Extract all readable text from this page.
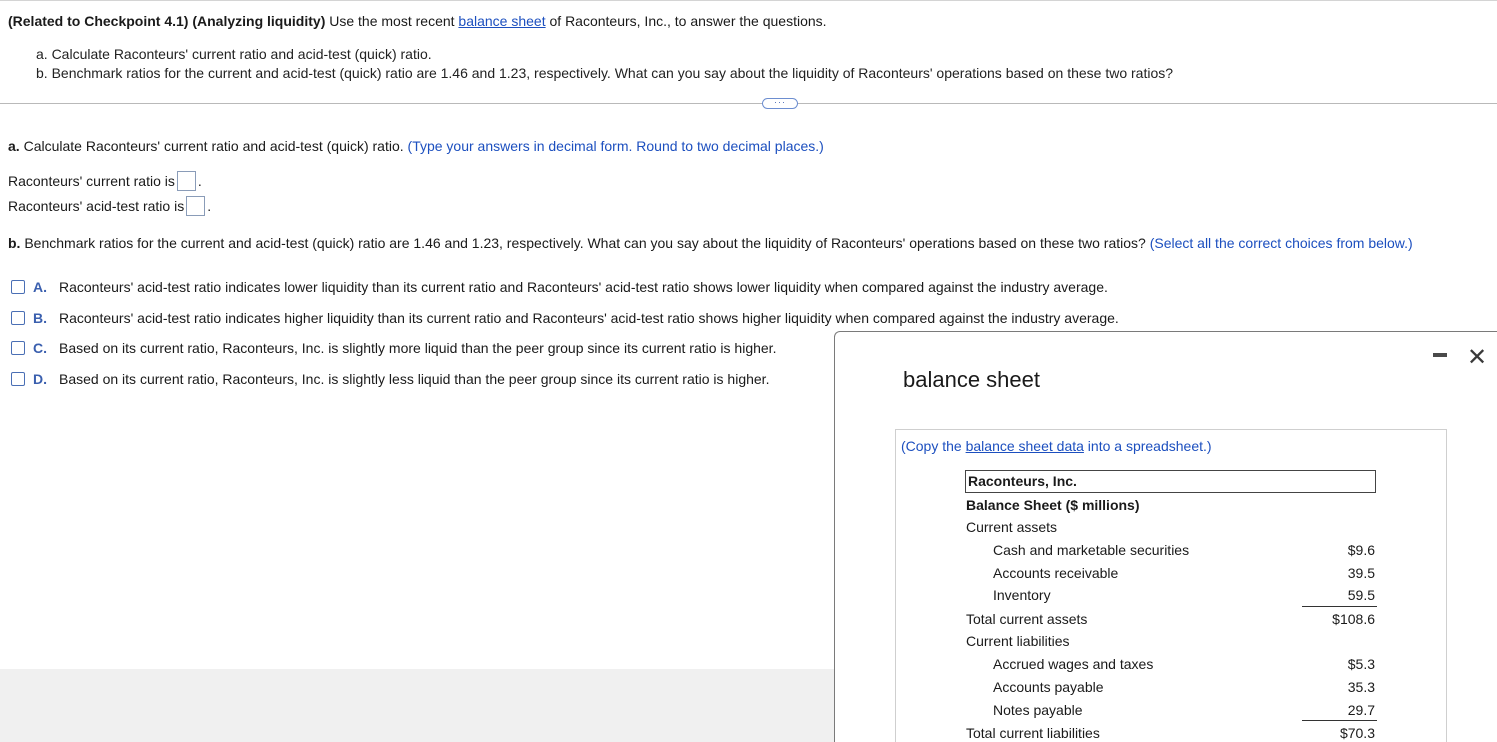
(Related to Checkpoint 4.1) (Analyzing liquidity) Use the most recent balance sheet of Raconteurs, Inc., to answer the questions.
a. Calculate Raconteurs' current ratio and acid-test (quick) ratio.
b. Benchmark ratios for the current and acid-test (quick) ratio are 1.46 and 1.23, respectively. What can you say about the liquidity of Raconteurs' operations based on these two ratios?
···
a. Calculate Raconteurs' current ratio and acid-test (quick) ratio. (Type your answers in decimal form. Round to two decimal places.)
Raconteurs' current ratio is .
Raconteurs' acid-test ratio is .
b. Benchmark ratios for the current and acid-test (quick) ratio are 1.46 and 1.23, respectively. What can you say about the liquidity of Raconteurs' operations based on these two ratios? (Select all the correct choices from below.)
A. Raconteurs' acid-test ratio indicates lower liquidity than its current ratio and Raconteurs' acid-test ratio shows lower liquidity when compared against the industry average.
B. Raconteurs' acid-test ratio indicates higher liquidity than its current ratio and Raconteurs' acid-test ratio shows higher liquidity when compared against the industry average.
C. Based on its current ratio, Raconteurs, Inc. is slightly more liquid than the peer group since its current ratio is higher.
D. Based on its current ratio, Raconteurs, Inc. is slightly less liquid than the peer group since its current ratio is higher.
✕
balance sheet
(Copy the balance sheet data into a spreadsheet.)
Raconteurs, Inc.
Balance Sheet ($ millions)
Current assets
Cash and marketable securities	$9.6
Accounts receivable	39.5
Inventory	59.5
Total current assets	$108.6
Current liabilities
Accrued wages and taxes	$5.3
Accounts payable	35.3
Notes payable	29.7
Total current liabilities	$70.3
